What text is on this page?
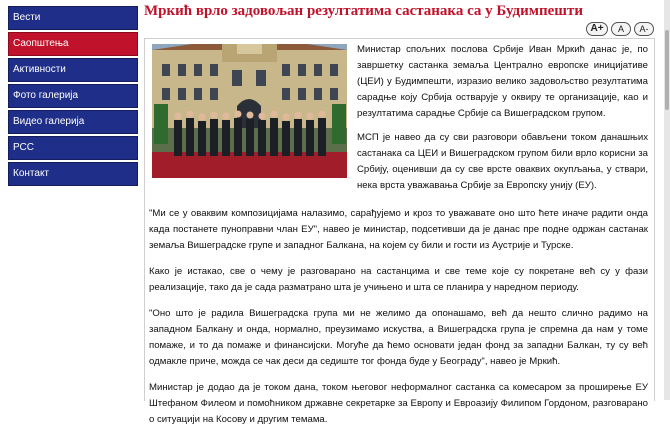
Вести
Саопштења
Активности
Фото галерија
Видео галерија
РСС
Контакт
Мркић врло задовољан резултатима састанака са у Будимпешти
A+	A	A-

Министар спољних послова Србије Иван Мркић данас је, по завршетку састанка земаља Централно европске иницијативе (ЦЕИ) у Будимпешти, изразио велико задовољство резултатима сарадње коју Србија остварује у оквиру те организације, као и резултатима сарадње Србије са Вишеградском групом.

МСП је навео да су сви разговори обављени током данашњих састанака са ЦЕИ и Вишеградском групом били врло корисни за Србију, оценивши да су све врсте оваквих окупљања, у ствари, нека врста уважавања Србије за Европску унију (ЕУ).

"Ми се у оваквим композицијама налазимо, сарађујемо и кроз то уважавате оно што ћете иначе радити онда када постанете пуноправни члан ЕУ", навео је министар, подсетивши да је данас пре подне одржан састанак земаља Вишеградске групе и западног Балкана, на којем су били и гости из Аустрије и Турске.

Како је истакао, све о чему је разговарано на састанцима и све теме које су покретане већ су у фази реализације, тако да је сада разматрано шта је учињено и шта се планира у наредном периоду.

"Оно што је радила Вишеградска група ми не желимо да опонашамо, већ да нешто слично радимо на западном Балкану и онда, нормално, преузимамо искуства, а Вишеградска група је спремна да нам у томе помаже, и то да помаже и финансијски. Могуће да ћемо основати један фонд за западни Балкан, ту су већ одмакле приче, можда се чак деси да седиште тог фонда буде у Београду", навео је Мркић.

Министар је додао да је током дана, током његовог неформалног састанка са комесаром за проширење ЕУ Штефаном Филеом и помоћником државне секретарке за Европу и Евроазију Филипом Гордоном, разговарано о ситуацији на Косову и другим темама.
